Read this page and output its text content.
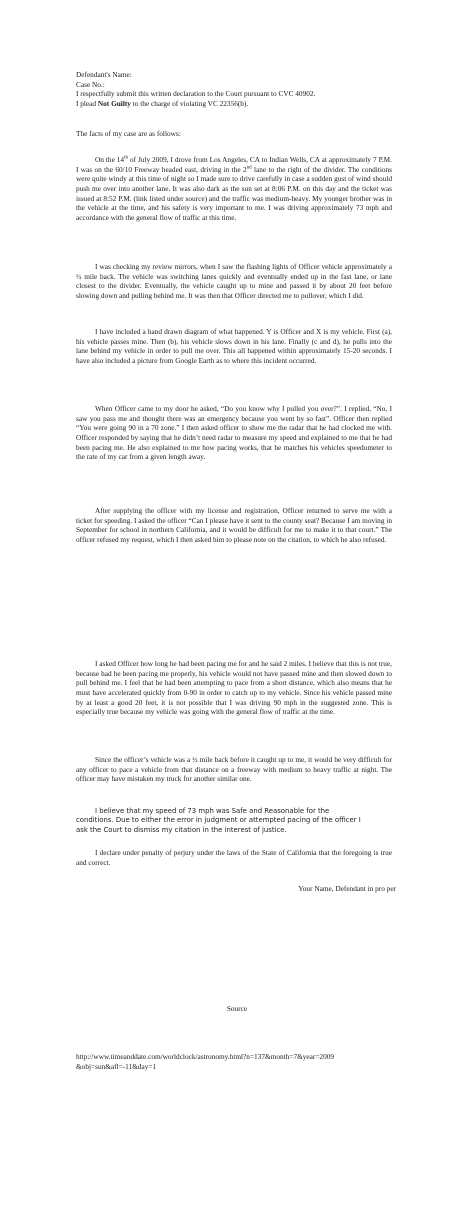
Defendant's Name:

Case No.:

I respectfully submit this written declaration to the Court pursuant to CVC 40902.

I plead Not Guilty to the charge of violating VC 22356(b).

The facts of my case are as follows:

On the 14th of July 2009, I drove from Los Angeles, CA to Indian Wells, CA at approximately 7 P.M. I was on the 60/10 Freeway headed east, driving in the 2nd lane to the right of the divider. The conditions were quite windy at this time of night so I made sure to drive carefully in case a sudden gust of wind should push me over into another lane. It was also dark as the sun set at 8:06 P.M. on this day and the ticket was issued at 8:52 P.M. (link listed under source) and the traffic was medium-heavy. My younger brother was in the vehicle at the time, and his safety is very important to me. I was driving approximately 73 mph and accordance with the general flow of traffic at this time.

I was checking my review mirrors, when I saw the flashing lights of Officer vehicle approximately a ½ mile back. The vehicle was switching lanes quickly and eventually ended up in the fast lane, or lane closest to the divider. Eventually, the vehicle caught up to mine and passed it by about 20 feet before slowing down and pulling behind me. It was then that Officer directed me to pullover, which I did.

I have included a hand drawn diagram of what happened. Y is Officer and X is my vehicle. First (a), his vehicle passes mine. Then (b), his vehicle slows down in his lane. Finally (c and d), he pulls into the lane behind my vehicle in order to pull me over. This all happened within approximately 15-20 seconds. I have also included a picture from Google Earth as to where this incident occurred.

When Officer came to my door he asked, “Do you know why I pulled you over?”. I replied, “No, I saw you pass me and thought there was an emergency because you went by so fast”. Officer then replied “You were going 90 in a 70 zone.” I then asked officer to show me the radar that he had clocked me with. Officer responded by saying that he didn’t need radar to measure my speed and explained to me that he had been pacing me. He also explained to me how pacing works, that he matches his vehicles speedometer to the rate of my car from a given length away.

After supplying the officer with my license and registration, Officer returned to serve me with a ticket for speeding. I asked the officer “Can I please have it sent to the county seat? Because I am moving in September for school in northern California, and it would be difficult for me to make it to that court.” The officer refused my request, which I then asked him to please note on the citation, to which he also refused.

I asked Officer how long he had been pacing me for and he said 2 miles. I believe that this is not true, because had he been pacing me properly, his vehicle would not have passed mine and then slowed down to pull behind me. I feel that he had been attempting to pace from a short distance, which also means that he must have accelerated quickly from 0-90 in order to catch up to my vehicle. Since his vehicle passed mine by at least a good 20 feet, it is not possible that I was driving 90 mph in the suggested zone. This is especially true because my vehicle was going with the general flow of traffic at the time.

Since the officer’s vehicle was a ½ mile back before it caught up to me, it would be very difficult for any officer to pace a vehicle from that distance on a freeway with medium to heavy traffic at night. The officer may have mistaken my truck for another similar one.

I believe that my speed of 73 mph was Safe and Reasonable for the
conditions. Due to either the error in judgment or attempted pacing of the officer I
ask the Court to dismiss my citation in the interest of justice.

I declare under penalty of perjury under the laws of the State of California that the foregoing is true and correct.

Your Name, Defendant in pro per
Source
http://www.timeanddate.com/worldclock/astronomy.html?n=137&month=7&year=2009
&obj=sun&afl=-11&day=1
